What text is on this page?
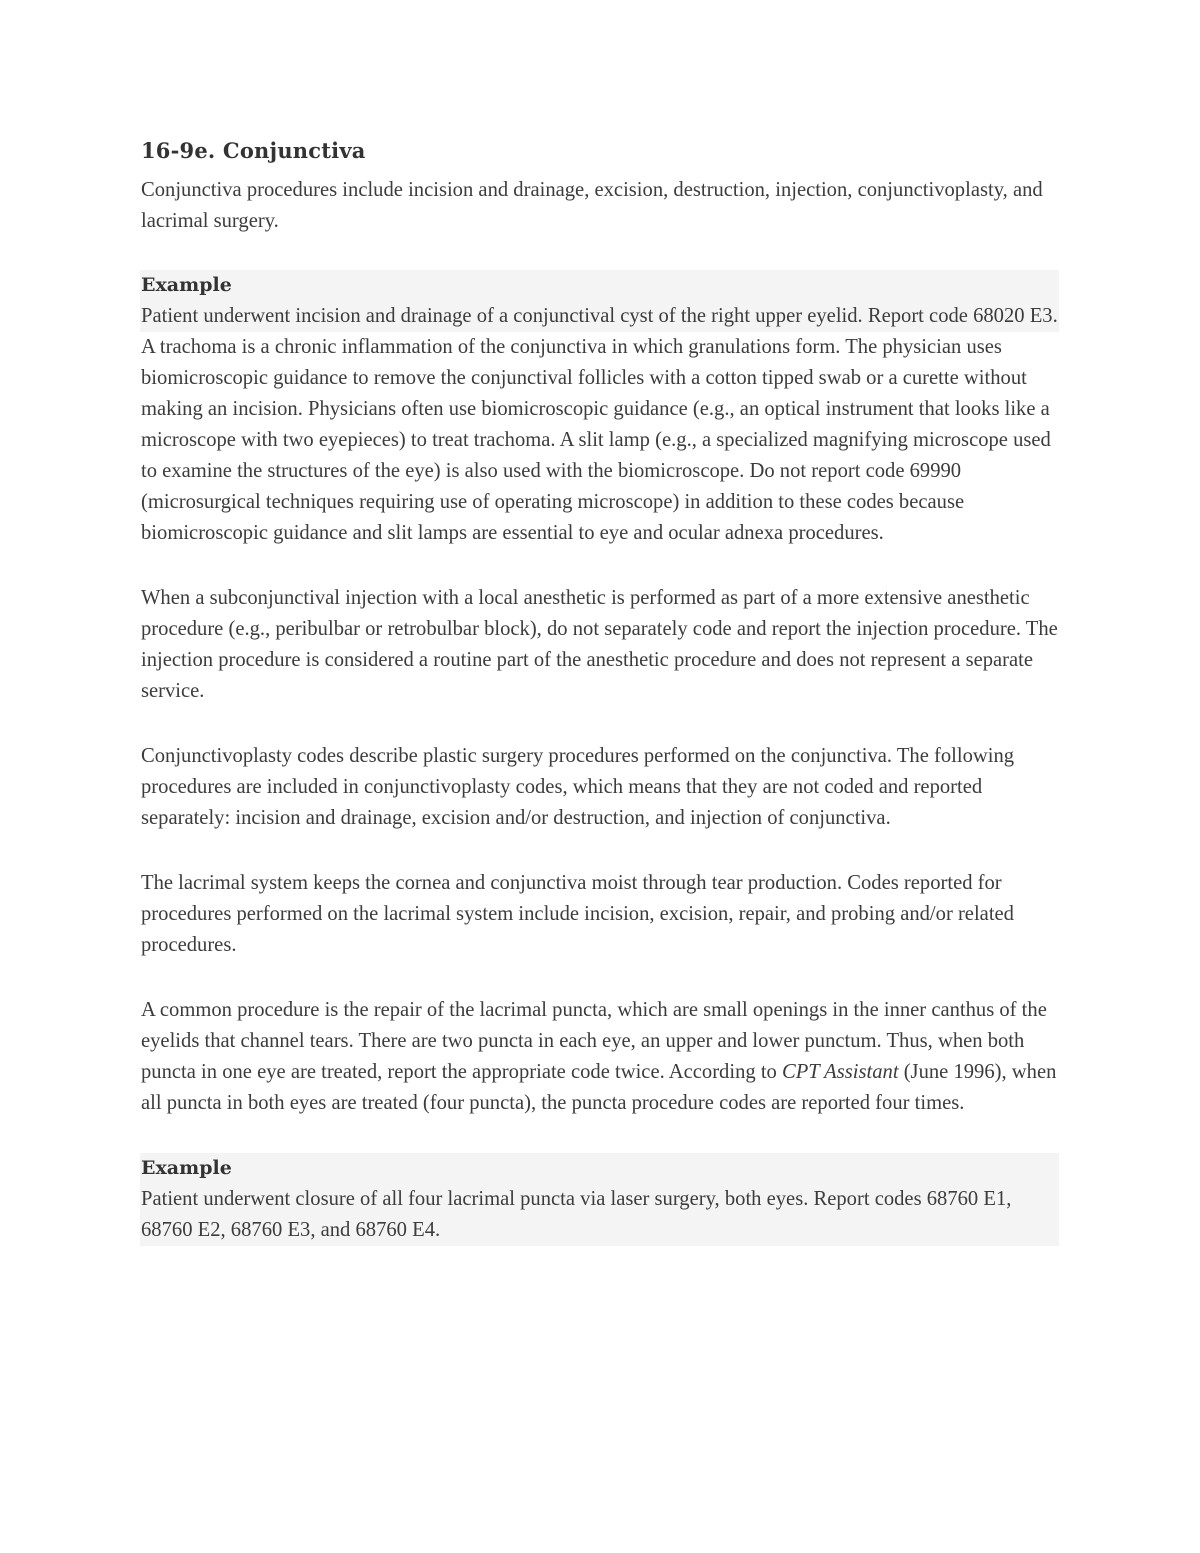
16-9e. Conjunctiva

Conjunctiva procedures include incision and drainage, excision, destruction, injection, conjunctivoplasty, and lacrimal surgery.

Example

Patient underwent incision and drainage of a conjunctival cyst of the right upper eyelid. Report code 68020 E3.

A trachoma is a chronic inflammation of the conjunctiva in which granulations form. The physician uses biomicroscopic guidance to remove the conjunctival follicles with a cotton tipped swab or a curette without making an incision. Physicians often use biomicroscopic guidance (e.g., an optical instrument that looks like a microscope with two eyepieces) to treat trachoma. A slit lamp (e.g., a specialized magnifying microscope used to examine the structures of the eye) is also used with the biomicroscope. Do not report code 69990 (microsurgical techniques requiring use of operating microscope) in addition to these codes because biomicroscopic guidance and slit lamps are essential to eye and ocular adnexa procedures.

When a subconjunctival injection with a local anesthetic is performed as part of a more extensive anesthetic procedure (e.g., peribulbar or retrobulbar block), do not separately code and report the injection procedure. The injection procedure is considered a routine part of the anesthetic procedure and does not represent a separate service.

Conjunctivoplasty codes describe plastic surgery procedures performed on the conjunctiva. The following procedures are included in conjunctivoplasty codes, which means that they are not coded and reported separately: incision and drainage, excision and/or destruction, and injection of conjunctiva.

The lacrimal system keeps the cornea and conjunctiva moist through tear production. Codes reported for procedures performed on the lacrimal system include incision, excision, repair, and probing and/or related procedures.

A common procedure is the repair of the lacrimal puncta, which are small openings in the inner canthus of the eyelids that channel tears. There are two puncta in each eye, an upper and lower punctum. Thus, when both puncta in one eye are treated, report the appropriate code twice. According to CPT Assistant (June 1996), when all puncta in both eyes are treated (four puncta), the puncta procedure codes are reported four times.

Example

Patient underwent closure of all four lacrimal puncta via laser surgery, both eyes. Report codes 68760 E1, 68760 E2, 68760 E3, and 68760 E4.
